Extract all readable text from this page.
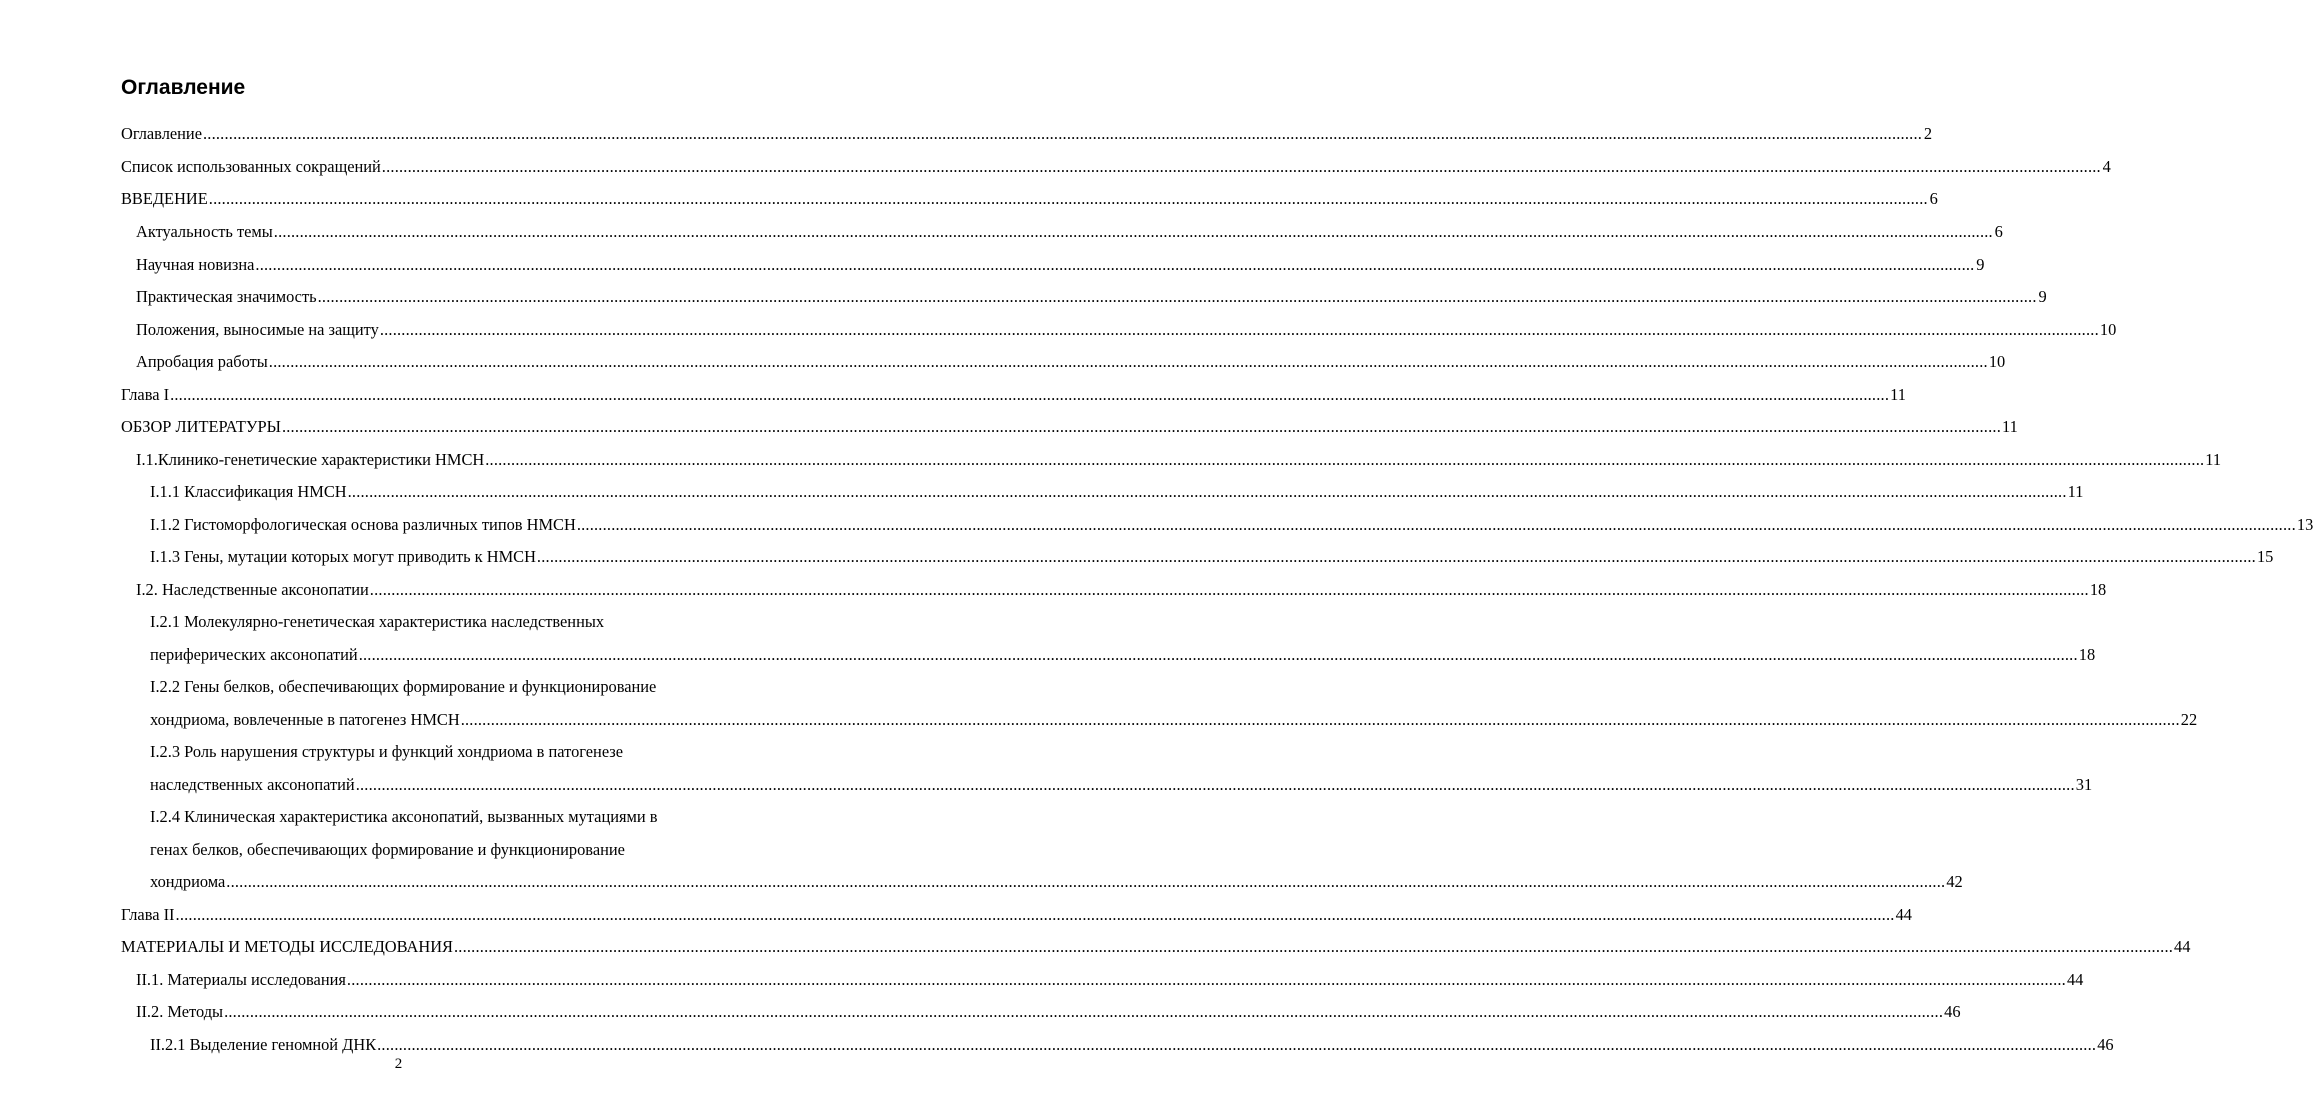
Оглавление
Оглавление ................................................................................................................................................................................................................................................................................................................................................................................................................ 2
Список использованных сокращений ................................................................................................................................................................................................................................................................................................................................................................................................................ 4
ВВЕДЕНИЕ ................................................................................................................................................................................................................................................................................................................................................................................................................ 6
Актуальность темы ................................................................................................................................................................................................................................................................................................................................................................................................................ 6
Научная новизна ................................................................................................................................................................................................................................................................................................................................................................................................................ 9
Практическая значимость ................................................................................................................................................................................................................................................................................................................................................................................................................ 9
Положения, выносимые на защиту ................................................................................................................................................................................................................................................................................................................................................................................................................ 10
Апробация работы ................................................................................................................................................................................................................................................................................................................................................................................................................ 10
Глава I ................................................................................................................................................................................................................................................................................................................................................................................................................ 11
ОБЗОР ЛИТЕРАТУРЫ ................................................................................................................................................................................................................................................................................................................................................................................................................ 11
I.1.Клинико-генетические характеристики НМСН ................................................................................................................................................................................................................................................................................................................................................................................................................ 11
I.1.1 Классификация НМСН ................................................................................................................................................................................................................................................................................................................................................................................................................ 11
I.1.2 Гистоморфологическая основа различных типов НМСН ................................................................................................................................................................................................................................................................................................................................................................................................................ 13
I.1.3 Гены, мутации которых могут приводить к НМСН ................................................................................................................................................................................................................................................................................................................................................................................................................ 15
I.2. Наследственные аксонопатии ................................................................................................................................................................................................................................................................................................................................................................................................................ 18
I.2.1 Молекулярно-генетическая характеристика наследственных
периферических аксонопатий ................................................................................................................................................................................................................................................................................................................................................................................................................ 18
I.2.2 Гены белков, обеспечивающих формирование и функционирование
хондриома, вовлеченные в патогенез НМСН ................................................................................................................................................................................................................................................................................................................................................................................................................ 22
I.2.3 Роль нарушения структуры и функций хондриома в патогенезе
наследственных аксонопатий ................................................................................................................................................................................................................................................................................................................................................................................................................ 31
I.2.4 Клиническая характеристика аксонопатий, вызванных мутациями в
генах белков, обеспечивающих формирование и функционирование
хондриома ................................................................................................................................................................................................................................................................................................................................................................................................................ 42
Глава II ................................................................................................................................................................................................................................................................................................................................................................................................................ 44
МАТЕРИАЛЫ И МЕТОДЫ ИССЛЕДОВАНИЯ ................................................................................................................................................................................................................................................................................................................................................................................................................ 44
II.1. Материалы исследования ................................................................................................................................................................................................................................................................................................................................................................................................................ 44
II.2. Методы ................................................................................................................................................................................................................................................................................................................................................................................................................ 46
II.2.1 Выделение геномной ДНК ................................................................................................................................................................................................................................................................................................................................................................................................................ 46
2
